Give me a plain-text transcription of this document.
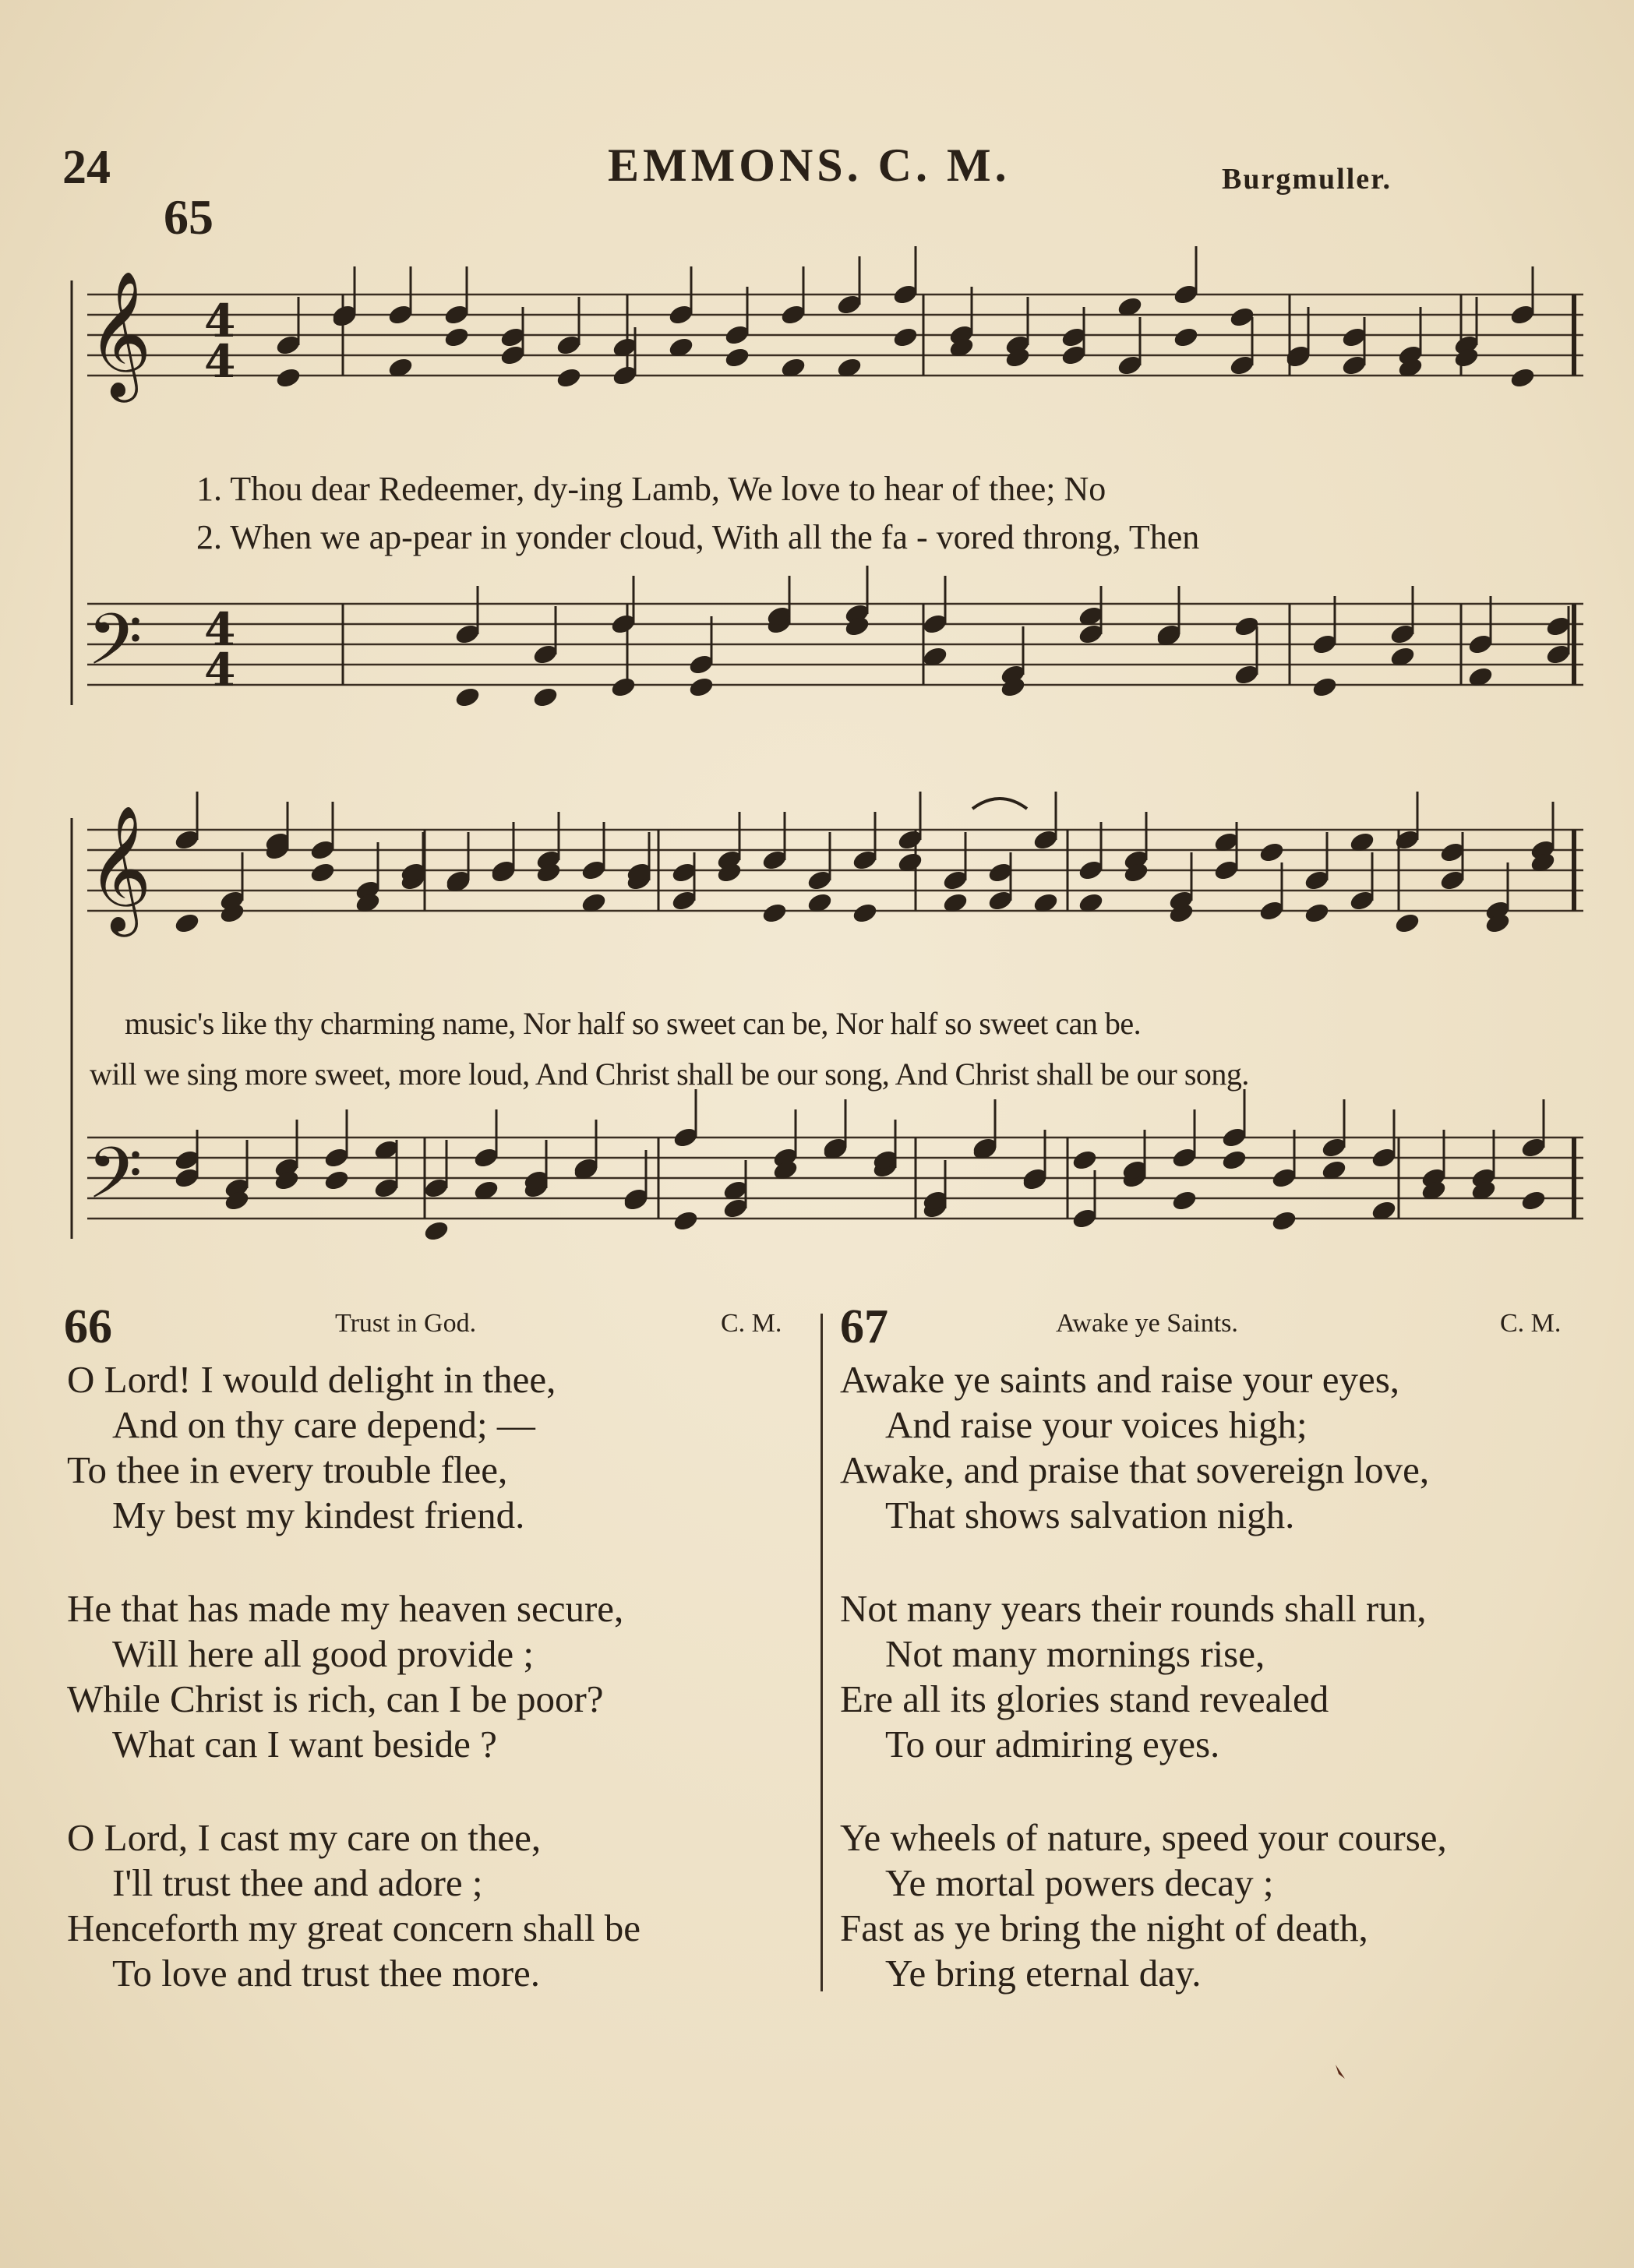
24
65
EMMONS. C. M.	Burgmuller.
𝄞
𝄢
𝄞
𝄢
4
4
4
4
1. Thou dear Redeemer, dy-ing Lamb, We love to hear of thee; No
2. When we ap-pear in yonder cloud, With all the fa - vored throng, Then
music's like thy charming name, Nor half so sweet can be, Nor half so sweet can be.
will we sing more sweet, more loud, And Christ shall be our song, And Christ shall be our song.
66	Trust in God.	C. M.
O Lord! I would delight in thee,
And on thy care depend; —
To thee in every trouble flee,
My best my kindest friend.
He that has made my heaven secure,
Will here all good provide ;
While Christ is rich, can I be poor?
What can I want beside ?
O Lord, I cast my care on thee,
I'll trust thee and adore ;
Henceforth my great concern shall be
To love and trust thee more.
67	Awake ye Saints.	C. M.
Awake ye saints and raise your eyes,
And raise your voices high;
Awake, and praise that sovereign love,
That shows salvation nigh.
Not many years their rounds shall run,
Not many mornings rise,
Ere all its glories stand revealed
To our admiring eyes.
Ye wheels of nature, speed your course,
Ye mortal powers decay ;
Fast as ye bring the night of death,
Ye bring eternal day.
